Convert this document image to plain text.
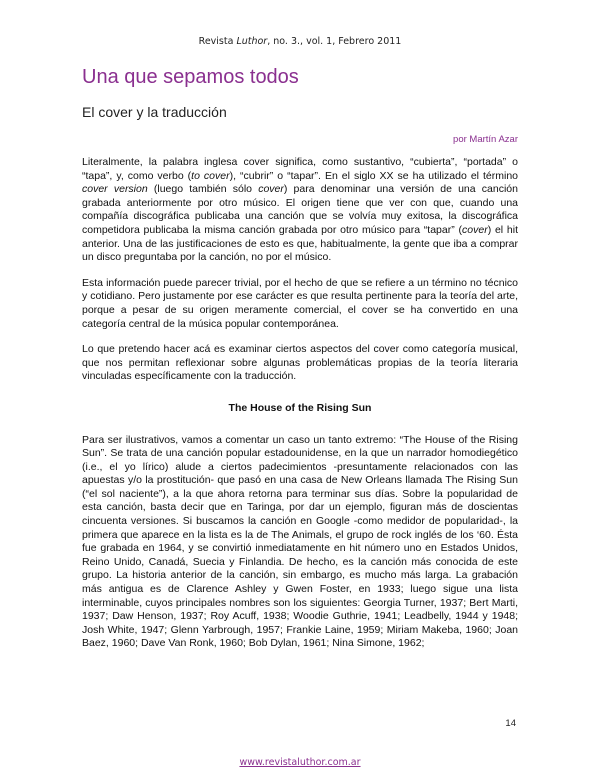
Revista Luthor, no. 3., vol. 1, Febrero 2011
Una que sepamos todos
El cover y la traducción

por Martín Azar

Literalmente, la palabra inglesa cover significa, como sustantivo, “cubierta”, “portada” o “tapa”, y, como verbo (to cover), “cubrir” o “tapar”. En el siglo XX se ha utilizado el término cover version (luego también sólo cover) para denominar una versión de una canción grabada anteriormente por otro músico. El origen tiene que ver con que, cuando una compañía discográfica publicaba una canción que se volvía muy exitosa, la discográfica competidora publicaba la misma canción grabada por otro músico para “tapar” (cover) el hit anterior. Una de las justificaciones de esto es que, habitualmente, la gente que iba a comprar un disco preguntaba por la canción, no por el músico.

Esta información puede parecer trivial, por el hecho de que se refiere a un término no técnico y cotidiano. Pero justamente por ese carácter es que resulta pertinente para la teoría del arte, porque a pesar de su origen meramente comercial, el cover se ha convertido en una categoría central de la música popular contemporánea.

Lo que pretendo hacer acá es examinar ciertos aspectos del cover como categoría musical, que nos permitan reflexionar sobre algunas problemáticas propias de la teoría literaria vinculadas específicamente con la traducción.

The House of the Rising Sun

Para ser ilustrativos, vamos a comentar un caso un tanto extremo: “The House of the Rising Sun”. Se trata de una canción popular estadounidense, en la que un narrador homodiegético (i.e., el yo lírico) alude a ciertos padecimientos -presuntamente relacionados con las apuestas y/o la prostitución- que pasó en una casa de New Orleans llamada The Rising Sun (“el sol naciente”), a la que ahora retorna para terminar sus días. Sobre la popularidad de esta canción, basta decir que en Taringa, por dar un ejemplo, figuran más de doscientas cincuenta versiones. Si buscamos la canción en Google -como medidor de popularidad-, la primera que aparece en la lista es la de The Animals, el grupo de rock inglés de los ‘60. Ésta fue grabada en 1964, y se convirtió inmediatamente en hit número uno en Estados Unidos, Reino Unido, Canadá, Suecia y Finlandia. De hecho, es la canción más conocida de este grupo. La historia anterior de la canción, sin embargo, es mucho más larga. La grabación más antigua es de Clarence Ashley y Gwen Foster, en 1933; luego sigue una lista interminable, cuyos principales nombres son los siguientes: Georgia Turner, 1937; Bert Marti, 1937; Daw Henson, 1937; Roy Acuff, 1938; Woodie Guthrie, 1941; Leadbelly, 1944 y 1948; Josh White, 1947; Glenn Yarbrough, 1957; Frankie Laine, 1959; Miriam Makeba, 1960; Joan Baez, 1960; Dave Van Ronk, 1960; Bob Dylan, 1961; Nina Simone, 1962;

14
www.revistaluthor.com.ar
